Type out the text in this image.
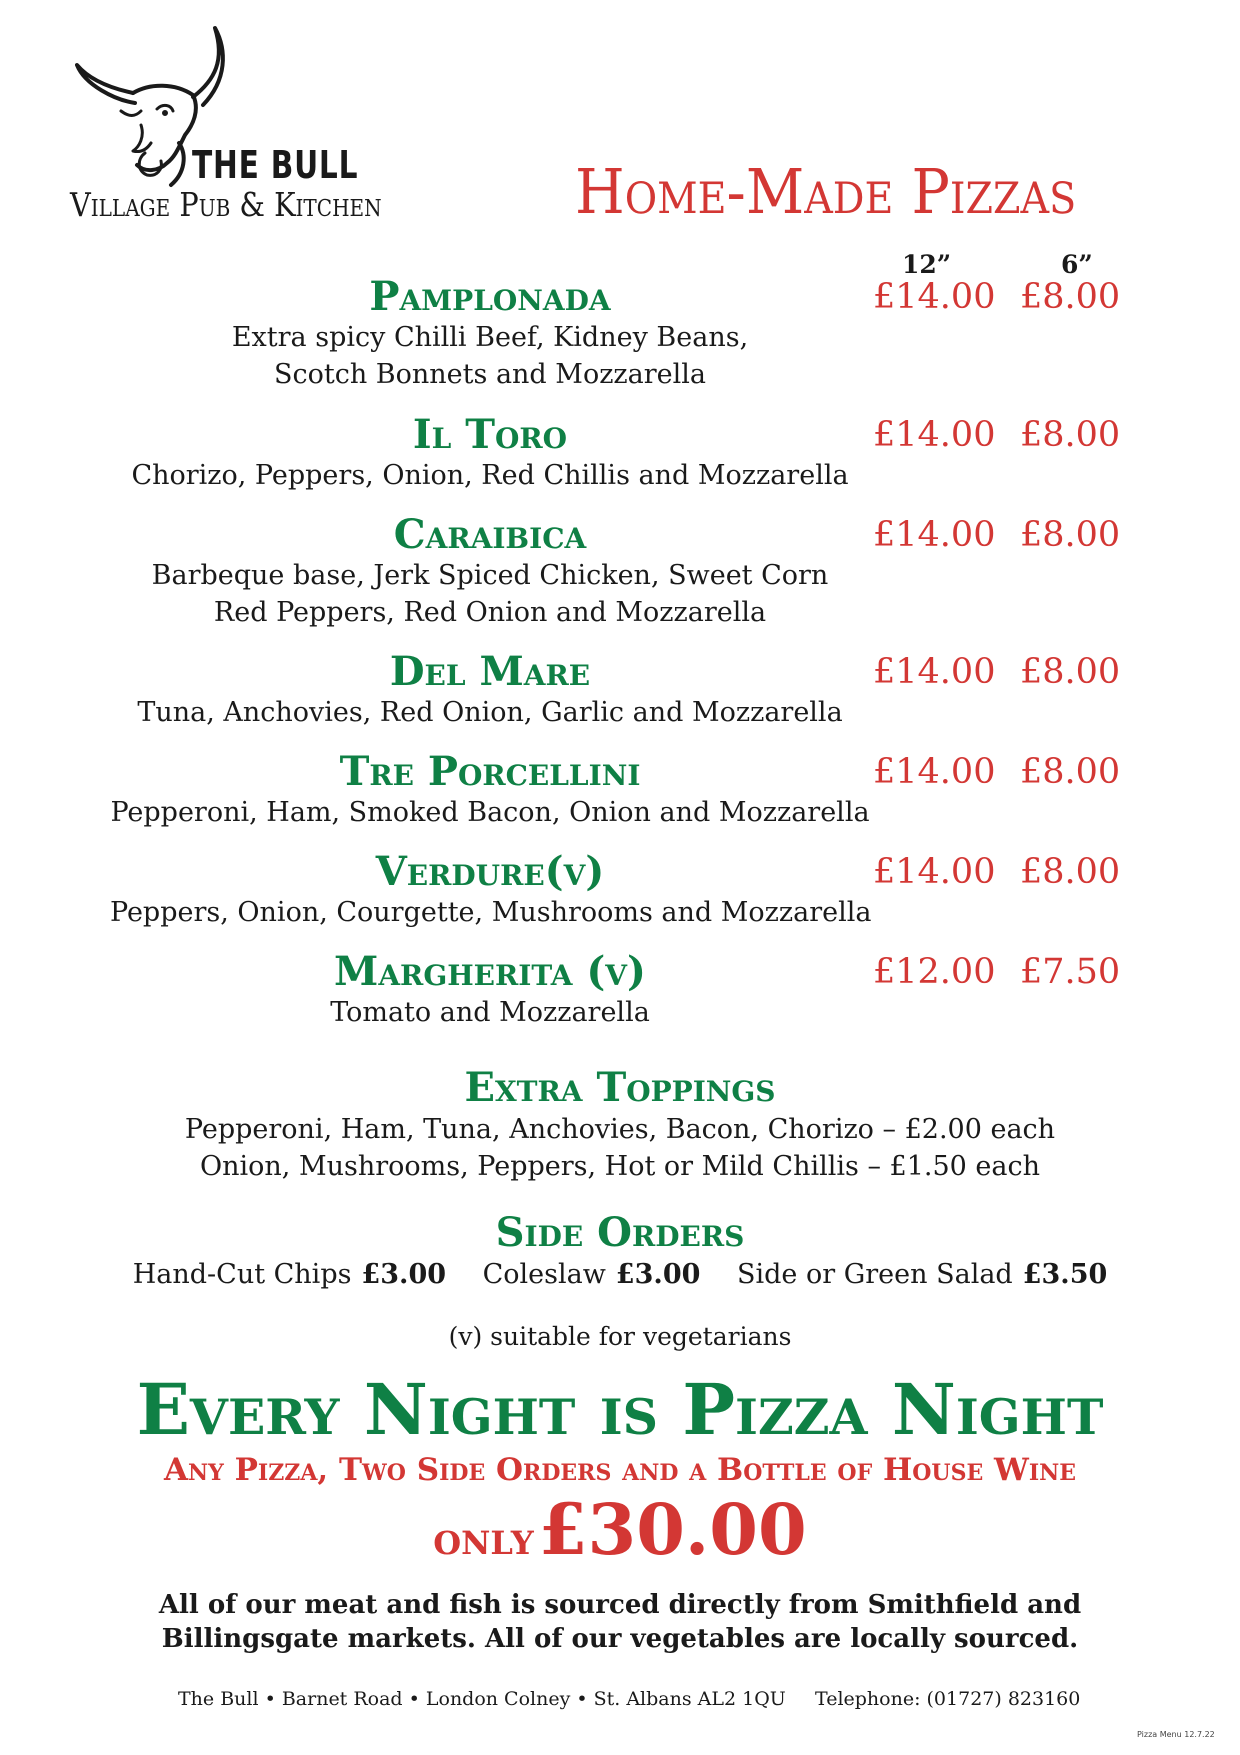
THE BULL
Village Pub & Kitchen	Home-Made Pizzas
12”	6”
Pamplonada
Extra spicy Chilli Beef, Kidney Beans,
Scotch Bonnets and Mozzarella
£14.00 £8.00
Il Toro
Chorizo, Peppers, Onion, Red Chillis and Mozzarella
£14.00 £8.00
Caraibica
Barbeque base, Jerk Spiced Chicken, Sweet Corn
Red Peppers, Red Onion and Mozzarella
£14.00 £8.00
Del Mare
Tuna, Anchovies, Red Onion, Garlic and Mozzarella
£14.00 £8.00
Tre Porcellini
Pepperoni, Ham, Smoked Bacon, Onion and Mozzarella
£14.00 £8.00
Verdure(v)
Peppers, Onion, Courgette, Mushrooms and Mozzarella
£14.00 £8.00
Margherita (v)
Tomato and Mozzarella
£12.00 £7.50
Extra Toppings
Pepperoni, Ham, Tuna, Anchovies, Bacon, Chorizo – £2.00 each
Onion, Mushrooms, Peppers, Hot or Mild Chillis – £1.50 each
Side Orders
Hand-Cut Chips £3.00 Coleslaw £3.00 Side or Green Salad £3.50
(v) suitable for vegetarians
Every Night is Pizza Night
Any Pizza, Two Side Orders and a Bottle of House Wine
only £30.00
All of our meat and fish is sourced directly from Smithfield and
Billingsgate markets. All of our vegetables are locally sourced.
The Bull • Barnet Road • London Colney • St. Albans AL2 1QU Telephone: (01727) 823160
Pizza Menu 12.7.22
